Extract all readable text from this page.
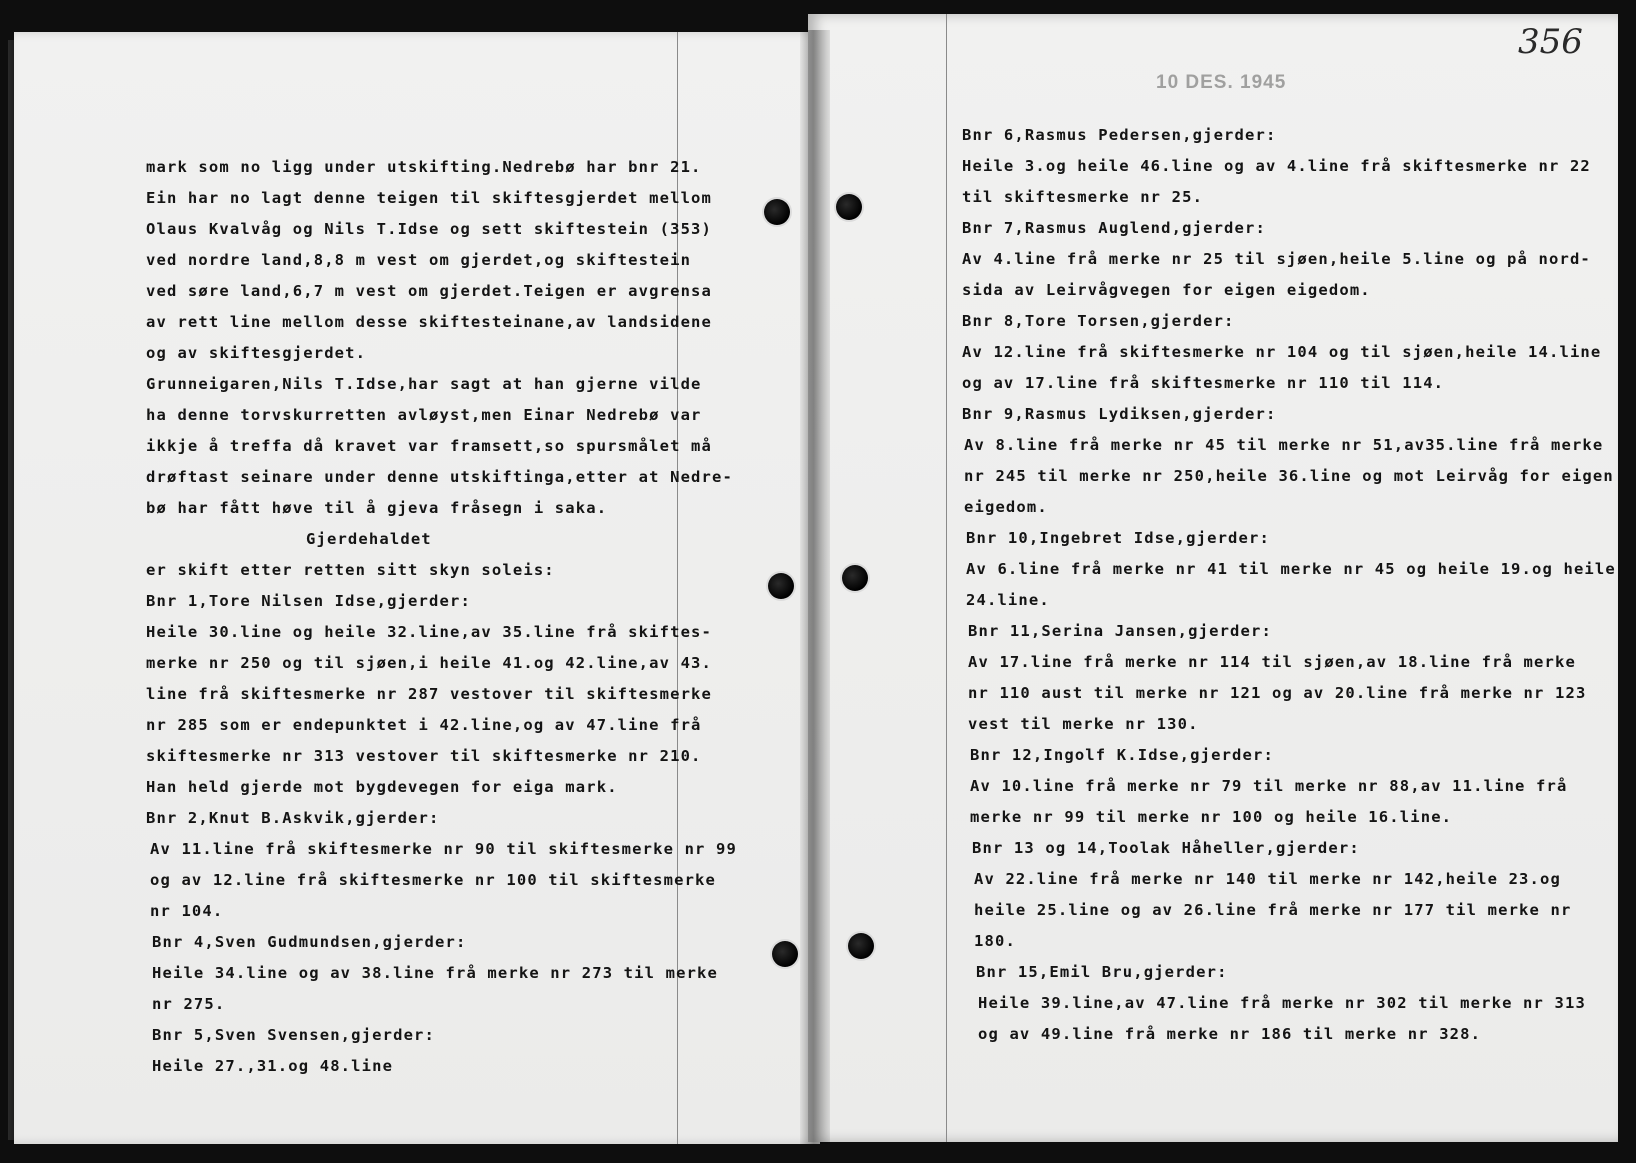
10 DES. 1945
356
mark som no ligg under utskifting.Nedrebø har bnr 21.
Ein har no lagt denne teigen til skiftesgjerdet mellom
Olaus Kvalvåg og Nils T.Idse og sett skiftestein (353)
ved nordre land,8,8 m vest om gjerdet,og skiftestein
ved søre land,6,7 m vest om gjerdet.Teigen er avgrensa
av rett line mellom desse skiftesteinane,av landsidene
og av skiftesgjerdet.
Grunneigaren,Nils T.Idse,har sagt at han gjerne vilde
ha denne torvskurretten avløyst,men Einar Nedrebø var
ikkje å treffa då kravet var framsett,so spursmålet må
drøftast seinare under denne utskiftinga,etter at Nedre-
bø har fått høve til å gjeva fråsegn i saka.
Gjerdehaldet
er skift etter retten sitt skyn soleis:
Bnr 1,Tore Nilsen Idse,gjerder:
Heile 30.line og heile 32.line,av 35.line frå skiftes-
merke nr 250 og til sjøen,i heile 41.og 42.line,av 43.
line frå skiftesmerke nr 287 vestover til skiftesmerke
nr 285 som er endepunktet i 42.line,og av 47.line frå
skiftesmerke nr 313 vestover til skiftesmerke nr 210.
Han held gjerde mot bygdevegen for eiga mark.
Bnr 2,Knut B.Askvik,gjerder:
Av 11.line frå skiftesmerke nr 90 til skiftesmerke nr 99
og av 12.line frå skiftesmerke nr 100 til skiftesmerke
nr 104.
Bnr 4,Sven Gudmundsen,gjerder:
Heile 34.line og av 38.line frå merke nr 273 til merke
nr 275.
Bnr 5,Sven Svensen,gjerder:
Heile 27.,31.og 48.line
Bnr 6,Rasmus Pedersen,gjerder:
Heile 3.og heile 46.line og av 4.line frå skiftesmerke nr 22
til skiftesmerke nr 25.
Bnr 7,Rasmus Auglend,gjerder:
Av 4.line frå merke nr 25 til sjøen,heile 5.line og på nord-
sida av Leirvågvegen for eigen eigedom.
Bnr 8,Tore Torsen,gjerder:
Av 12.line frå skiftesmerke nr 104 og til sjøen,heile 14.line
og av 17.line frå skiftesmerke nr 110 til 114.
Bnr 9,Rasmus Lydiksen,gjerder:
Av 8.line frå merke nr 45 til merke nr 51,av35.line frå merke
nr 245 til merke nr 250,heile 36.line og mot Leirvåg for eigen
eigedom.
Bnr 10,Ingebret Idse,gjerder:
Av 6.line frå merke nr 41 til merke nr 45 og heile 19.og heile
24.line.
Bnr 11,Serina Jansen,gjerder:
Av 17.line frå merke nr 114 til sjøen,av 18.line frå merke
nr 110 aust til merke nr 121 og av 20.line frå merke nr 123
vest til merke nr 130.
Bnr 12,Ingolf K.Idse,gjerder:
Av 10.line frå merke nr 79 til merke nr 88,av 11.line frå
merke nr 99 til merke nr 100 og heile 16.line.
Bnr 13 og 14,Toolak Håheller,gjerder:
Av 22.line frå merke nr 140 til merke nr 142,heile 23.og
heile 25.line og av 26.line frå merke nr 177 til merke nr
180.
Bnr 15,Emil Bru,gjerder:
Heile 39.line,av 47.line frå merke nr 302 til merke nr 313
og av 49.line frå merke nr 186 til merke nr 328.
